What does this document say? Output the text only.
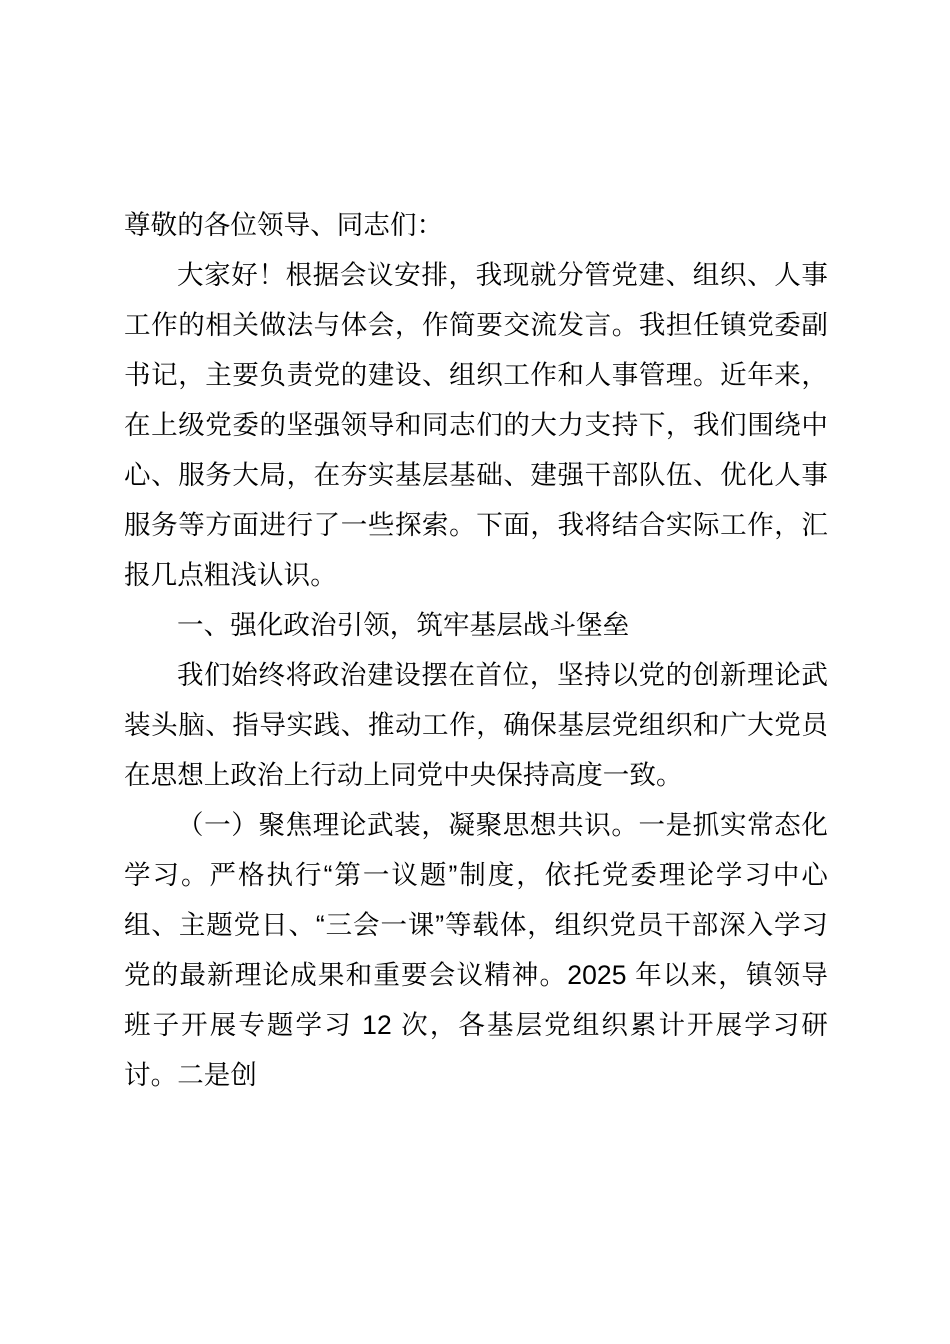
尊敬的各位领导、同志们：

大家好！根据会议安排，我现就分管党建、组织、人事工作的相关做法与体会，作简要交流发言。我担任镇党委副书记，主要负责党的建设、组织工作和人事管理。近年来，在上级党委的坚强领导和同志们的大力支持下，我们围绕中心、服务大局，在夯实基层基础、建强干部队伍、优化人事服务等方面进行了一些探索。下面，我将结合实际工作，汇报几点粗浅认识。

一、强化政治引领，筑牢基层战斗堡垒

我们始终将政治建设摆在首位，坚持以党的创新理论武装头脑、指导实践、推动工作，确保基层党组织和广大党员在思想上政治上行动上同党中央保持高度一致。

（一）聚焦理论武装，凝聚思想共识。一是抓实常态化学习。严格执行“第一议题”制度，依托党委理论学习中心组、主题党日、“三会一课”等载体，组织党员干部深入学习党的最新理论成果和重要会议精神。2025 年以来，镇领导班子开展专题学习 12 次，各基层党组织累计开展学习研讨。二是创
